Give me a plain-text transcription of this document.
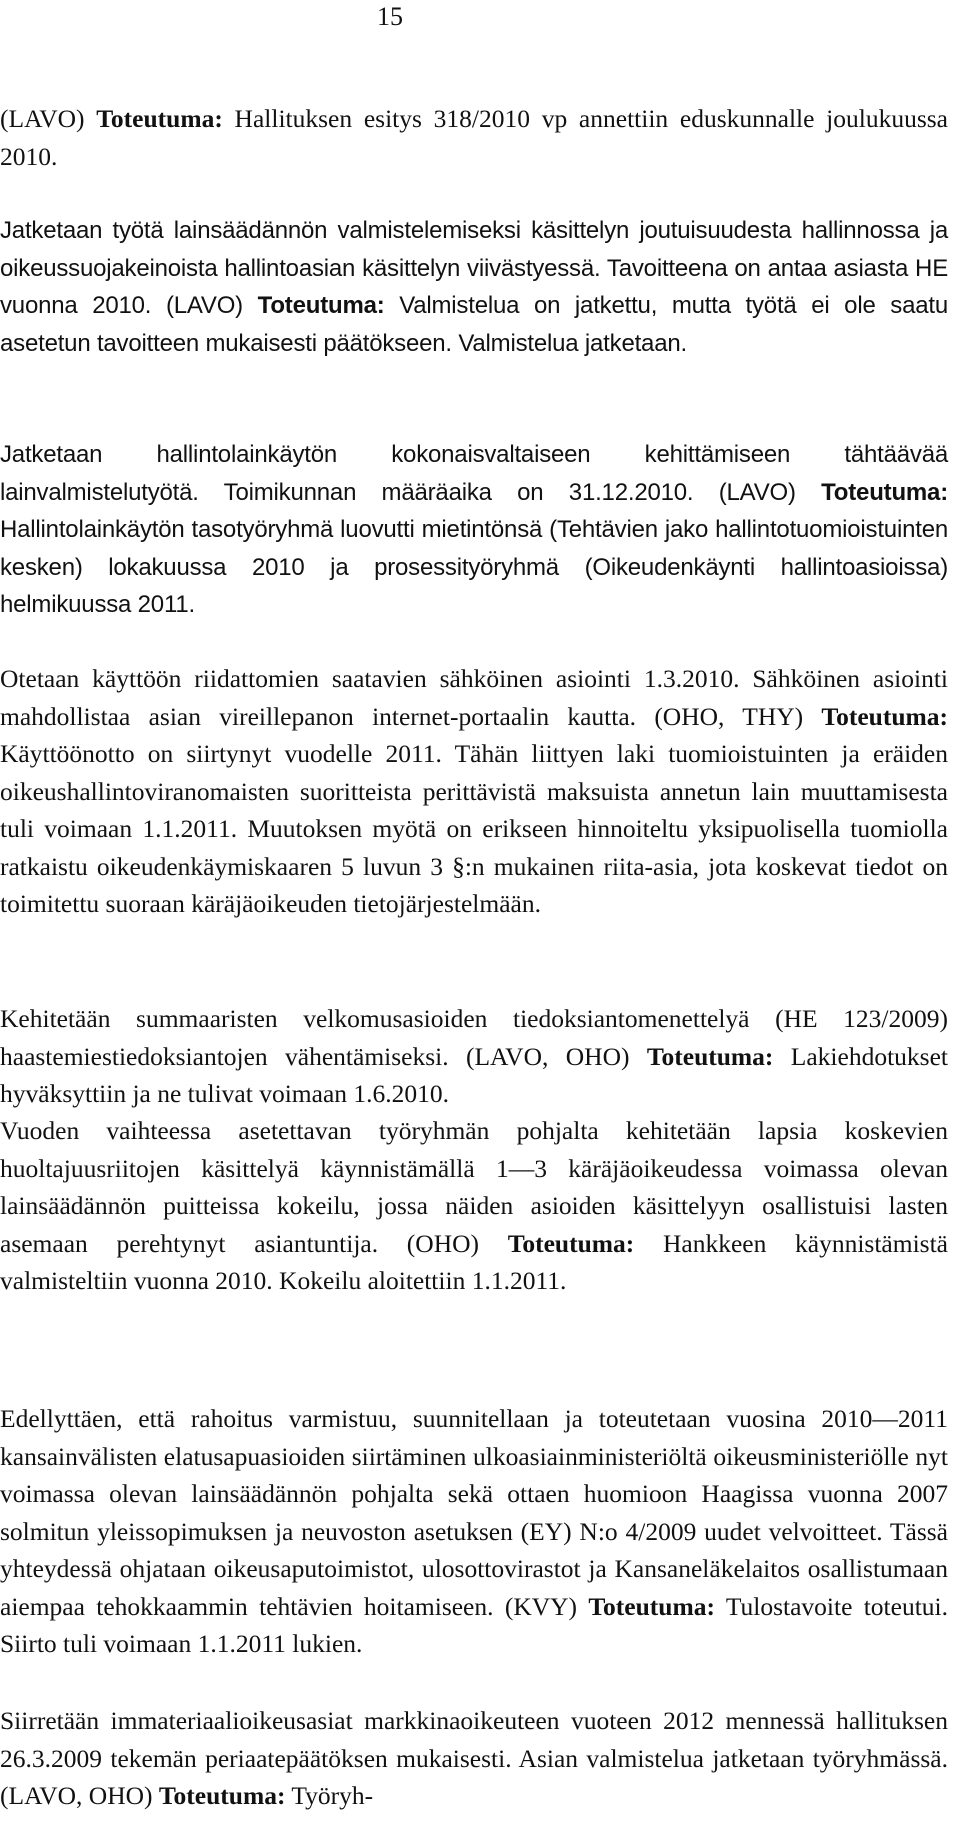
15
(LAVO) Toteutuma: Hallituksen esitys 318/2010 vp annettiin eduskunnalle joulukuussa 2010.
Jatketaan työtä lainsäädännön valmistelemiseksi käsittelyn joutuisuudesta hallinnossa ja oikeussuojakeinoista hallintoasian käsittelyn viivästyessä. Tavoitteena on antaa asiasta HE vuonna 2010. (LAVO) Toteutuma: Valmistelua on jatkettu, mutta työtä ei ole saatu asetetun tavoitteen mukaisesti päätökseen. Valmistelua jatketaan.
Jatketaan hallintolainkäytön kokonaisvaltaiseen kehittämiseen tähtäävää lainvalmistelutyötä. Toimikunnan määräaika on 31.12.2010. (LAVO) Toteutuma: Hallintolainkäytön tasotyöryhmä luovutti mietintönsä (Tehtävien jako hallintotuomioistuinten kesken) lokakuussa 2010 ja prosessityöryhmä (Oikeudenkäynti hallintoasioissa) helmikuussa 2011.
Otetaan käyttöön riidattomien saatavien sähköinen asiointi 1.3.2010. Sähköinen asiointi mahdollistaa asian vireillepanon internet-portaalin kautta. (OHO, THY) Toteutuma: Käyttöönotto on siirtynyt vuodelle 2011. Tähän liittyen laki tuomioistuinten ja eräiden oikeushallintoviranomaisten suoritteista perittävistä maksuista annetun lain muuttamisesta tuli voimaan 1.1.2011. Muutoksen myötä on erikseen hinnoiteltu yksipuolisella tuomiolla ratkaistu oikeudenkäymiskaaren 5 luvun 3 §:n mukainen riita-asia, jota koskevat tiedot on toimitettu suoraan käräjäoikeuden tietojärjestelmään.
Kehitetään summaaristen velkomusasioiden tiedoksiantomenettelyä (HE 123/2009) haastemiestiedoksiantojen vähentämiseksi. (LAVO, OHO) Toteutuma: Lakiehdotukset hyväksyttiin ja ne tulivat voimaan 1.6.2010.
Vuoden vaihteessa asetettavan työryhmän pohjalta kehitetään lapsia koskevien huoltajuusriitojen käsittelyä käynnistämällä 1—3 käräjäoikeudessa voimassa olevan lainsäädännön puitteissa kokeilu, jossa näiden asioiden käsittelyyn osallistuisi lasten asemaan perehtynyt asiantuntija. (OHO) Toteutuma: Hankkeen käynnistämistä valmisteltiin vuonna 2010. Kokeilu aloitettiin 1.1.2011.
Edellyttäen, että rahoitus varmistuu, suunnitellaan ja toteutetaan vuosina 2010—2011 kansainvälisten elatusapuasioiden siirtäminen ulkoasiainministeriöltä oikeusministeriölle nyt voimassa olevan lainsäädännön pohjalta sekä ottaen huomioon Haagissa vuonna 2007 solmitun yleissopimuksen ja neuvoston asetuksen (EY) N:o 4/2009 uudet velvoitteet. Tässä yhteydessä ohjataan oikeusaputoimistot, ulosottovirastot ja Kansaneläkelaitos osallistumaan aiempaa tehokkaammin tehtävien hoitamiseen. (KVY) Toteutuma: Tulostavoite toteutui. Siirto tuli voimaan 1.1.2011 lukien.
Siirretään immateriaalioikeusasiat markkinaoikeuteen vuoteen 2012 mennessä hallituksen 26.3.2009 tekemän periaatepäätöksen mukaisesti. Asian valmistelua jatketaan työryhmässä. (LAVO, OHO) Toteutuma: Työryh-
